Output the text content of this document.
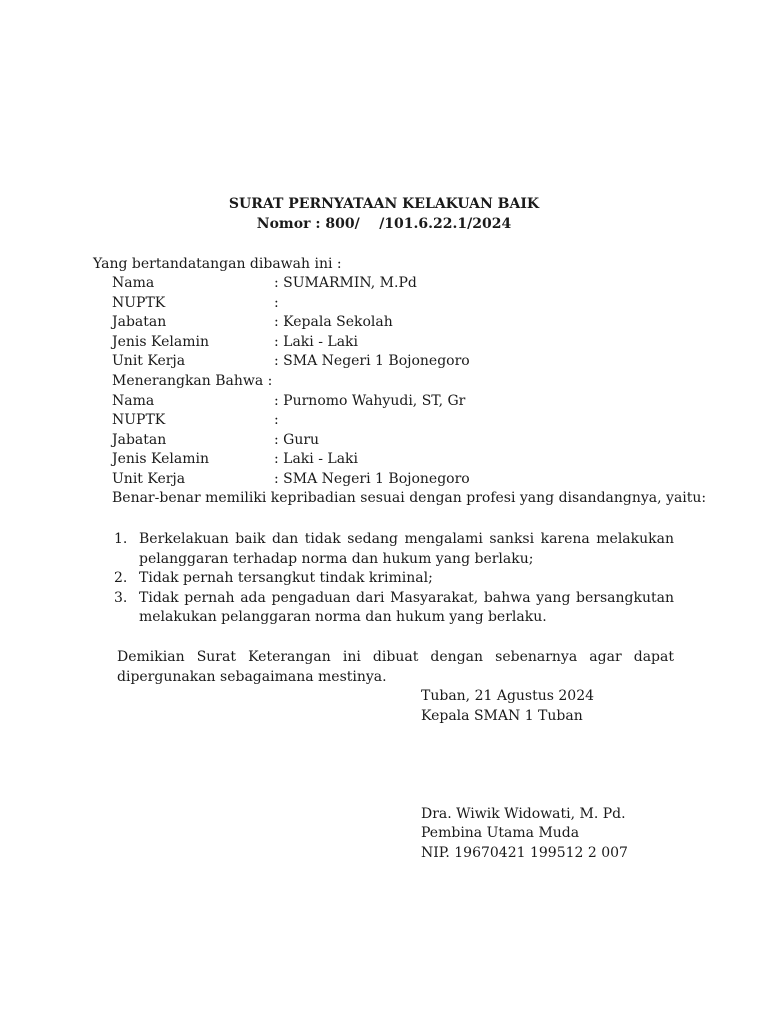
SURAT PERNYATAAN KELAKUAN BAIK
Nomor : 800/    /101.6.22.1/2024
Yang bertandatangan dibawah ini :
Nama	: SUMARMIN, M.Pd
NUPTK	:
Jabatan	: Kepala Sekolah
Jenis Kelamin	: Laki - Laki
Unit Kerja	: SMA Negeri 1 Bojonegoro
Menerangkan Bahwa :
Nama	: Purnomo Wahyudi, ST, Gr
NUPTK	:
Jabatan	: Guru
Jenis Kelamin	: Laki - Laki
Unit Kerja	: SMA Negeri 1 Bojonegoro
Benar-benar memiliki kepribadian sesuai dengan profesi yang disandangnya, yaitu:
1. Berkelakuan baik dan tidak sedang mengalami sanksi karena melakukan pelanggaran terhadap norma dan hukum yang berlaku;
2. Tidak pernah tersangkut tindak kriminal;
3. Tidak pernah ada pengaduan dari Masyarakat, bahwa yang bersangkutan melakukan pelanggaran norma dan hukum yang berlaku.
Demikian Surat Keterangan ini dibuat dengan sebenarnya agar dapat dipergunakan sebagaimana mestinya.
Tuban, 21 Agustus 2024
Kepala SMAN 1 Tuban
Dra. Wiwik Widowati, M. Pd.
Pembina Utama Muda
NIP. 19670421 199512 2 007
